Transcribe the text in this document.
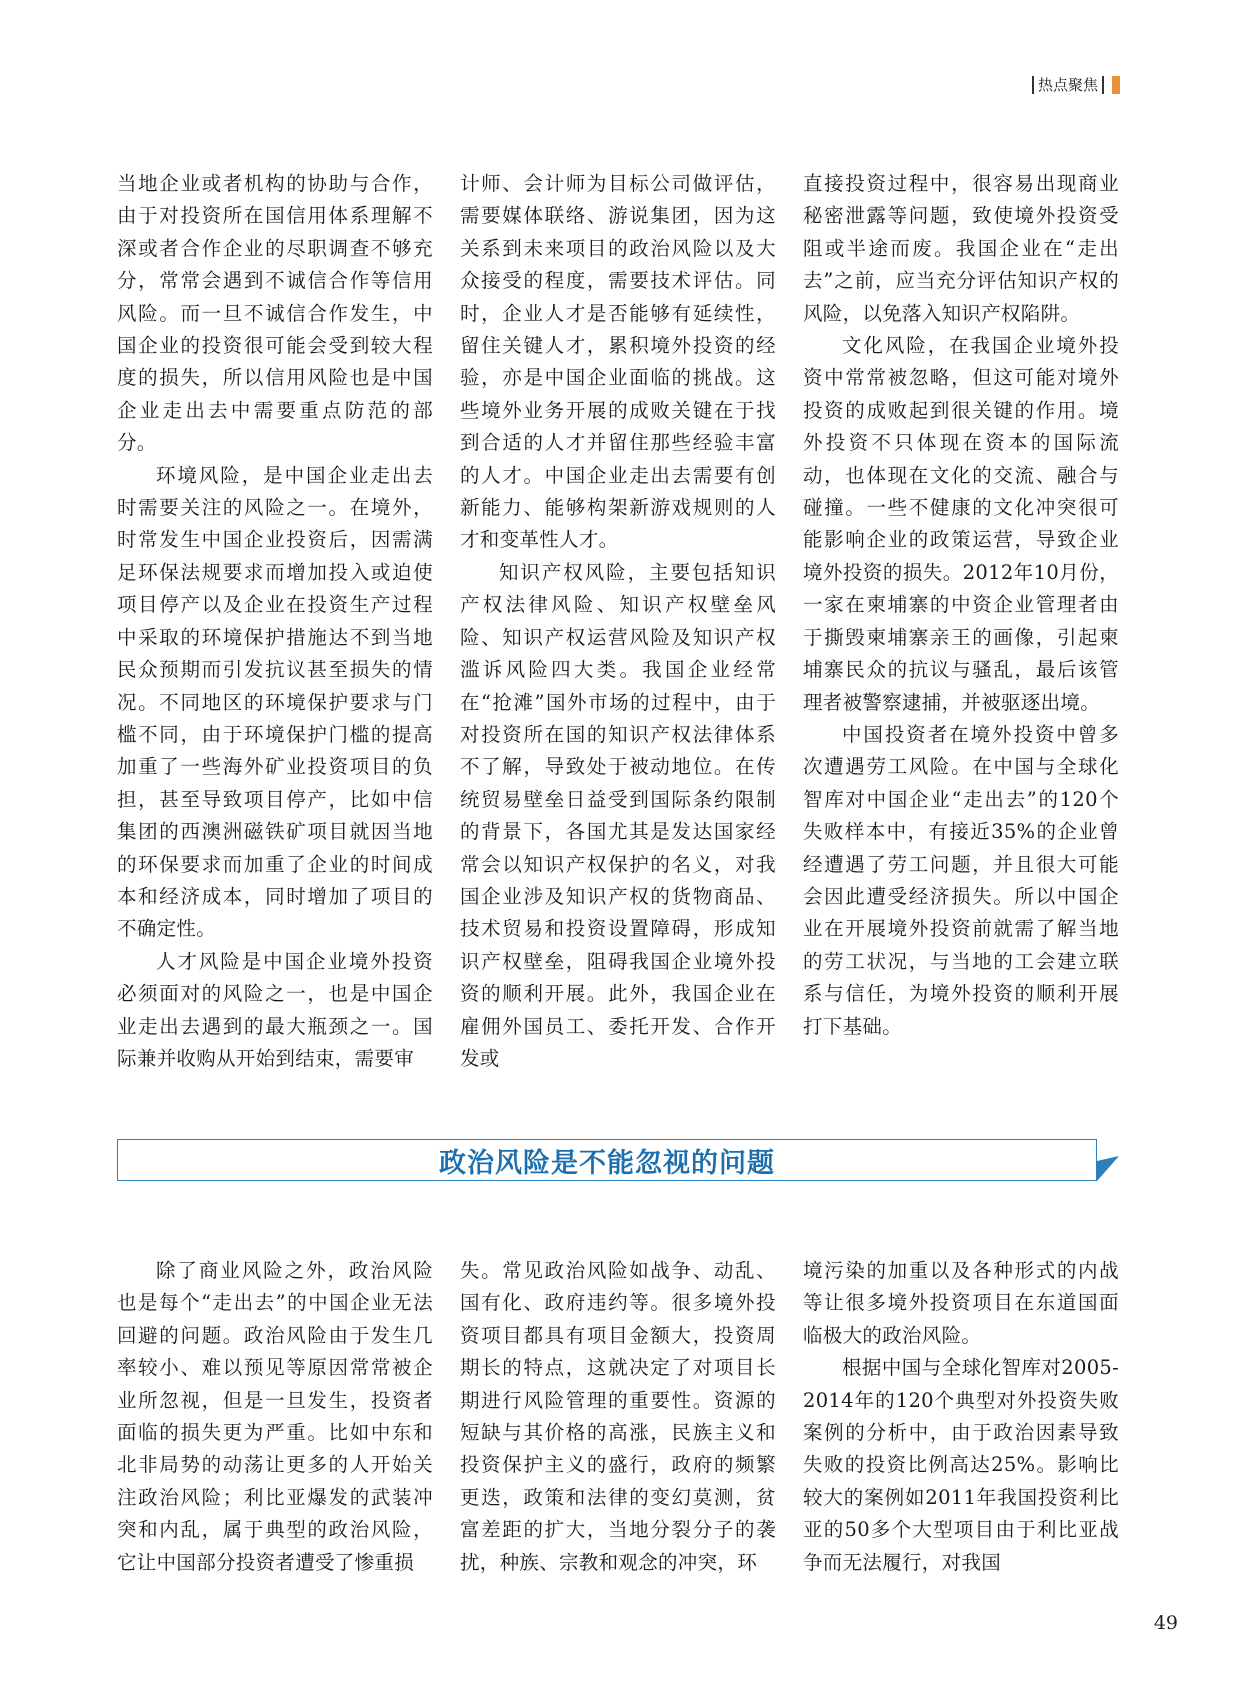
热点聚焦

当地企业或者机构的协助与合作，由于对投资所在国信用体系理解不深或者合作企业的尽职调查不够充分，常常会遇到不诚信合作等信用风险。而一旦不诚信合作发生，中国企业的投资很可能会受到较大程度的损失，所以信用风险也是中国企业走出去中需要重点防范的部分。

环境风险，是中国企业走出去时需要关注的风险之一。在境外，时常发生中国企业投资后，因需满足环保法规要求而增加投入或迫使项目停产以及企业在投资生产过程中采取的环境保护措施达不到当地民众预期而引发抗议甚至损失的情况。不同地区的环境保护要求与门槛不同，由于环境保护门槛的提高加重了一些海外矿业投资项目的负担，甚至导致项目停产，比如中信集团的西澳洲磁铁矿项目就因当地的环保要求而加重了企业的时间成本和经济成本，同时增加了项目的不确定性。

人才风险是中国企业境外投资必须面对的风险之一，也是中国企业走出去遇到的最大瓶颈之一。国际兼并收购从开始到结束，需要审

计师、会计师为目标公司做评估，需要媒体联络、游说集团，因为这关系到未来项目的政治风险以及大众接受的程度，需要技术评估。同时，企业人才是否能够有延续性，留住关键人才，累积境外投资的经验，亦是中国企业面临的挑战。这些境外业务开展的成败关键在于找到合适的人才并留住那些经验丰富的人才。中国企业走出去需要有创新能力、能够构架新游戏规则的人才和变革性人才。

知识产权风险，主要包括知识产权法律风险、知识产权壁垒风险、知识产权运营风险及知识产权滥诉风险四大类。我国企业经常在“抢滩”国外市场的过程中，由于对投资所在国的知识产权法律体系不了解，导致处于被动地位。在传统贸易壁垒日益受到国际条约限制的背景下，各国尤其是发达国家经常会以知识产权保护的名义，对我国企业涉及知识产权的货物商品、技术贸易和投资设置障碍，形成知识产权壁垒，阻碍我国企业境外投资的顺利开展。此外，我国企业在雇佣外国员工、委托开发、合作开发或

直接投资过程中，很容易出现商业秘密泄露等问题，致使境外投资受阻或半途而废。我国企业在“走出去”之前，应当充分评估知识产权的风险，以免落入知识产权陷阱。

文化风险，在我国企业境外投资中常常被忽略，但这可能对境外投资的成败起到很关键的作用。境外投资不只体现在资本的国际流动，也体现在文化的交流、融合与碰撞。一些不健康的文化冲突很可能影响企业的政策运营，导致企业境外投资的损失。2012年10月份，一家在柬埔寨的中资企业管理者由于撕毁柬埔寨亲王的画像，引起柬埔寨民众的抗议与骚乱，最后该管理者被警察逮捕，并被驱逐出境。

中国投资者在境外投资中曾多次遭遇劳工风险。在中国与全球化智库对中国企业“走出去”的120个失败样本中，有接近35%的企业曾经遭遇了劳工问题，并且很大可能会因此遭受经济损失。所以中国企业在开展境外投资前就需了解当地的劳工状况，与当地的工会建立联系与信任，为境外投资的顺利开展打下基础。

政治风险是不能忽视的问题

除了商业风险之外，政治风险也是每个“走出去”的中国企业无法回避的问题。政治风险由于发生几率较小、难以预见等原因常常被企业所忽视，但是一旦发生，投资者面临的损失更为严重。比如中东和北非局势的动荡让更多的人开始关注政治风险；利比亚爆发的武装冲突和内乱，属于典型的政治风险，它让中国部分投资者遭受了惨重损

失。常见政治风险如战争、动乱、国有化、政府违约等。很多境外投资项目都具有项目金额大，投资周期长的特点，这就决定了对项目长期进行风险管理的重要性。资源的短缺与其价格的高涨，民族主义和投资保护主义的盛行，政府的频繁更迭，政策和法律的变幻莫测，贫富差距的扩大，当地分裂分子的袭扰，种族、宗教和观念的冲突，环

境污染的加重以及各种形式的内战等让很多境外投资项目在东道国面临极大的政治风险。

根据中国与全球化智库对2005-2014年的120个典型对外投资失败案例的分析中，由于政治因素导致失败的投资比例高达25%。影响比较大的案例如2011年我国投资利比亚的50多个大型项目由于利比亚战争而无法履行，对我国

49
